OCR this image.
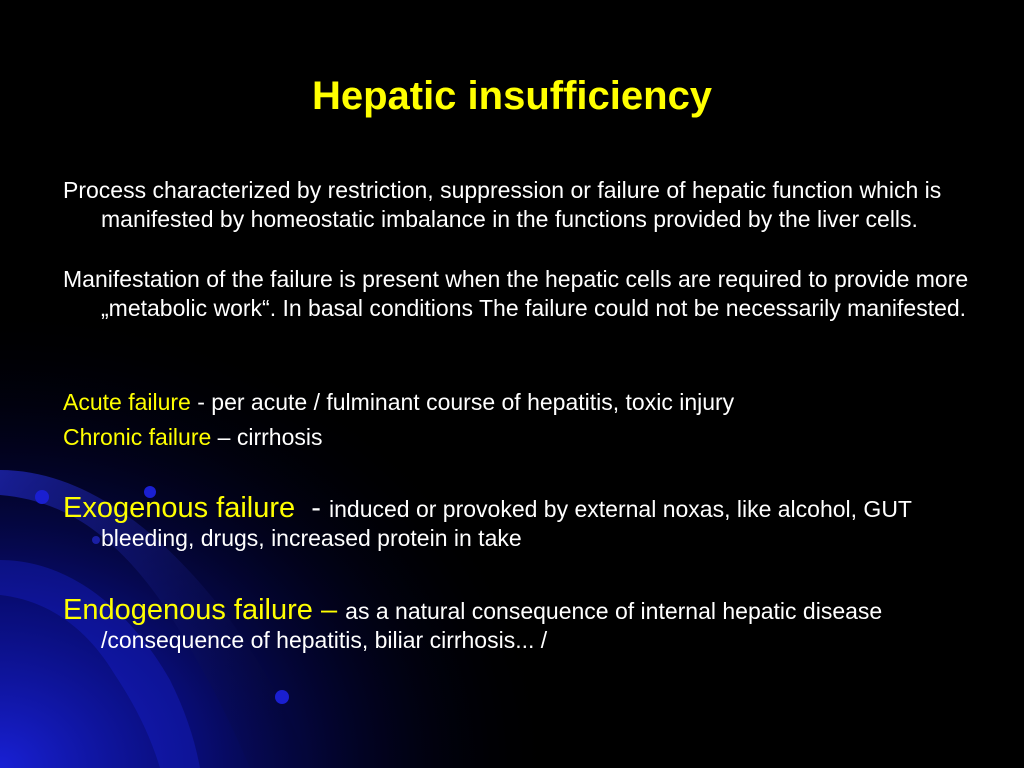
Hepatic insufficiency
Process characterized by restriction, suppression or failure of hepatic function which is manifested by homeostatic imbalance in the functions provided by the liver cells.
Manifestation of the failure is present when the hepatic cells are required to provide more „metabolic work“. In basal conditions The failure could not be necessarily manifested.
Acute failure - per acute / fulminant course of hepatitis, toxic injury
Chronic failure – cirrhosis
Exogenous failure  - induced or provoked by external noxas, like alcohol, GUT bleeding, drugs, increased protein in take
Endogenous failure – as a natural consequence of internal hepatic disease /consequence of hepatitis, biliar cirrhosis... /
